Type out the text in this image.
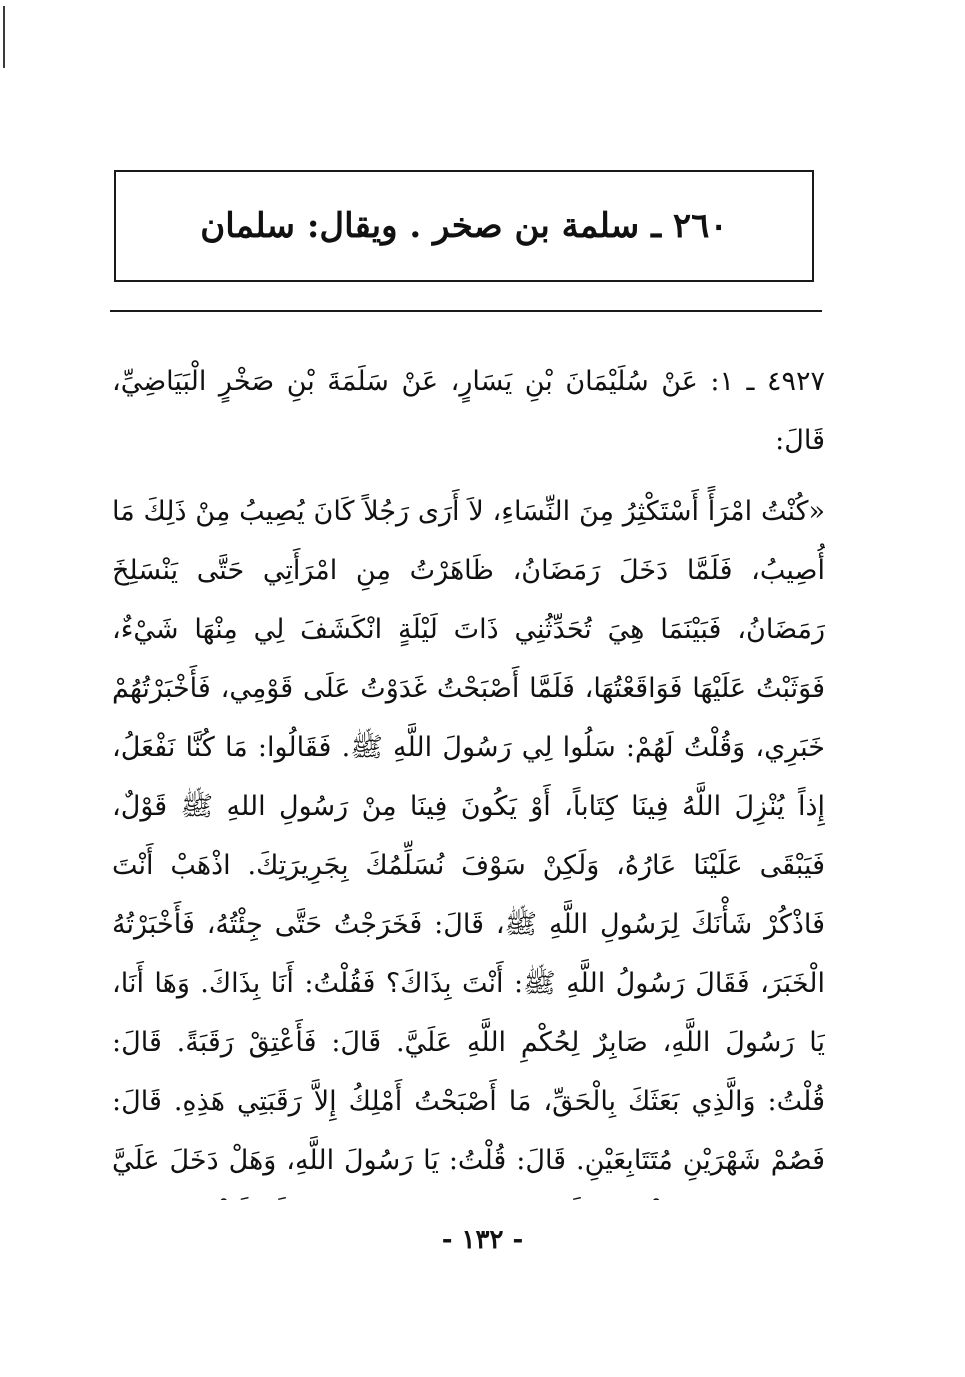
٢٦٠ ـ سلمة بن صخر . ويقال: سلمان
٤٩٢٧ ـ ١: عَنْ سُلَيْمَانَ بْنِ يَسَارٍ، عَنْ سَلَمَةَ بْنِ صَخْرٍ الْبَيَاضِيِّ، قَالَ:
«كُنْتُ امْرَأً أَسْتَكْثِرُ مِنَ النِّسَاءِ، لاَ أَرَى رَجُلاً كَانَ يُصِيبُ مِنْ ذَلِكَ مَا أُصِيبُ، فَلَمَّا دَخَلَ رَمَضَانُ، ظَاهَرْتُ مِنِ امْرَأَتِي حَتَّى يَنْسَلِخَ رَمَضَانُ، فَبَيْنَمَا هِيَ تُحَدِّثُنِي ذَاتَ لَيْلَةٍ انْكَشَفَ لِي مِنْهَا شَيْءٌ، فَوَثَبْتُ عَلَيْهَا فَوَاقَعْتُهَا، فَلَمَّا أَصْبَحْتُ غَدَوْتُ عَلَى قَوْمِي، فَأَخْبَرْتُهُمْ خَبَرِي، وَقُلْتُ لَهُمْ: سَلُوا لِي رَسُولَ اللَّهِ ﷺ. فَقَالُوا: مَا كُنَّا نَفْعَلُ، إِذاً يُنْزِلَ اللَّهُ فِينَا كِتَاباً، أَوْ يَكُونَ فِينَا مِنْ رَسُولِ اللهِ ﷺ قَوْلٌ، فَيَبْقَى عَلَيْنَا عَارُهُ، وَلَكِنْ سَوْفَ نُسَلِّمُكَ بِجَرِيرَتِكَ. اذْهَبْ أَنْتَ فَاذْكُرْ شَأْنَكَ لِرَسُولِ اللَّهِ ﷺ، قَالَ: فَخَرَجْتُ حَتَّى جِئْتُهُ، فَأَخْبَرْتُهُ الْخَبَرَ، فَقَالَ رَسُولُ اللَّهِ ﷺ: أَنْتَ بِذَاكَ؟ فَقُلْتُ: أَنَا بِذَاكَ. وَهَا أَنَا، يَا رَسُولَ اللَّهِ، صَابِرٌ لِحُكْمِ اللَّهِ عَلَيَّ. قَالَ: فَأَعْتِقْ رَقَبَةً. قَالَ: قُلْتُ: وَالَّذِي بَعَثَكَ بِالْحَقِّ، مَا أَصْبَحْتُ أَمْلِكُ إِلاَّ رَقَبَتِي هَذِهِ. قَالَ: فَصُمْ شَهْرَيْنِ مُتَتَابِعَيْنِ. قَالَ: قُلْتُ: يَا رَسُولَ اللَّهِ، وَهَلْ دَخَلَ عَلَيَّ
- ١٣٢ -
